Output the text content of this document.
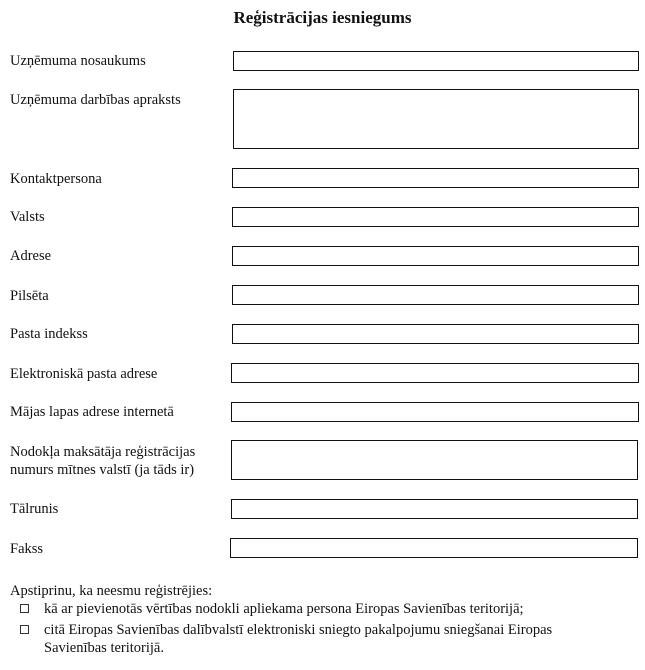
Reģistrācijas iesniegums
Uzņēmuma nosaukums
Uzņēmuma darbības apraksts
Kontaktpersona
Valsts
Adrese
Pilsēta
Pasta indekss
Elektroniskā pasta adrese
Mājas lapas adrese internetā
Nodokļa maksātāja reģistrācijas
numurs mītnes valstī (ja tāds ir)
Tālrunis
Fakss
Apstiprinu, ka neesmu reģistrējies:
kā ar pievienotās vērtības nodokli apliekama persona Eiropas Savienības teritorijā;
citā Eiropas Savienības dalībvalstī elektroniski sniegto pakalpojumu sniegšanai Eiropas
Savienības teritorijā.
